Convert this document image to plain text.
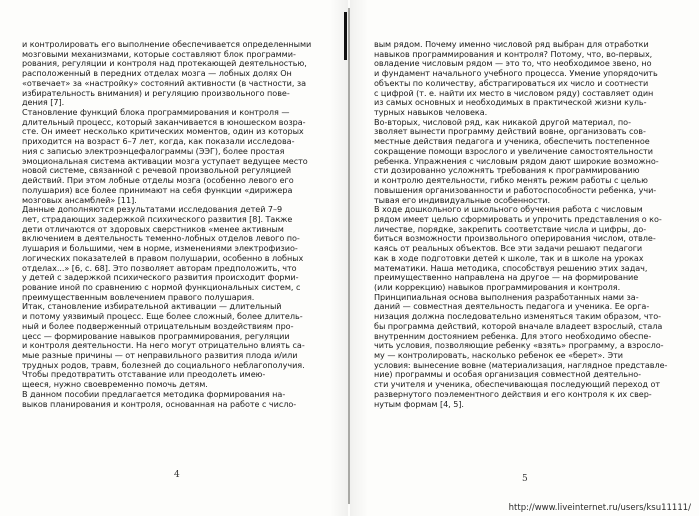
и контролировать его выполнение обеспечивается определенными
мозговыми механизмами, которые составляют блок программи-
рования, регуляции и контроля над протекающей деятельностью,
расположенный в передних отделах мозга — лобных долях Он
«отвечает» за «настройку» состояний активности (в частности, за
избирательность внимания) и регуляцию произвольного пове-
дения [7].
Становление функций блока программирования и контроля —
длительный процесс, который заканчивается в юношеском возра-
сте. Он имеет несколько критических моментов, один из которых
приходится на возраст 6–7 лет, когда, как показали исследова-
ния с записью электроэнцефалограммы (ЭЭГ), более простая
эмоциональная система активации мозга уступает ведущее место
новой системе, связанной с речевой произвольной регуляцией
действий. При этом лобные отделы мозга (особенно левого его
полушария) все более принимают на себя функции «дирижера
мозговых ансамблей» [11].
Данные дополняются результатами исследования детей 7–9
лет, страдающих задержкой психического развития [8]. Также
дети отличаются от здоровых сверстников «менее активным
включением в деятельность теменно-лобных отделов левого по-
лушария и большими, чем в норме, изменениями электрофизио-
логических показателей в правом полушарии, особенно в лобных
отделах...» [6, с. 68]. Это позволяет авторам предположить, что
у детей с задержкой психического развития происходит форми-
рование иной по сравнению с нормой функциональных систем, с
преимущественным вовлечением правого полушария.
Итак, становление избирательной активации — длительный
и потому уязвимый процесс. Еще более сложный, более длитель-
ный и более подверженный отрицательным воздействиям про-
цесс — формирование навыков программирования, регуляции
и контроля деятельности. На него могут отрицательно влиять са-
мые разные причины — от неправильного развития плода и/или
трудных родов, травм, болезней до социального неблагополучия.
Чтобы предотвратить отставание или преодолеть имею-
щееся, нужно своевременно помочь детям.
В данном пособии предлагается методика формирования на-
выков планирования и контроля, основанная на работе с число-
4
вым рядом. Почему именно числовой ряд выбран для отработки
навыков программирования и контроля? Потому, что, во-первых,
овладение числовым рядом — это то, что необходимое звено, но
и фундамент начального учебного процесса. Умение упорядочить
объекты по количеству, абстрагироваться их число и соотнести
с цифрой (т. е. найти их место в числовом ряду) составляет один
из самых основных и необходимых в практической жизни куль-
турных навыков человека.
Во-вторых, числовой ряд, как никакой другой материал, по-
зволяет вынести программу действий вовне, организовать сов-
местные действия педагога и ученика, обеспечить постепенное
сокращение помощи взрослого и увеличение самостоятельности
ребенка. Упражнения с числовым рядом дают широкие возможно-
сти дозированно усложнять требования к программированию
и контролю деятельности, гибко менять режим работы с целью
повышения организованности и работоспособности ребенка, учи-
тывая его индивидуальные особенности.
В ходе дошкольного и школьного обучения работа с числовым
рядом имеет целью сформировать и упрочить представления о ко-
личестве, порядке, закрепить соответствие числа и цифры, до-
биться возможности произвольного оперирования числом, отвле-
каясь от реальных объектов. Все эти задачи решают педагоги
как в ходе подготовки детей к школе, так и в школе на уроках
математики. Наша методика, способствуя решению этих задач,
преимущественно направлена на другое — на формирование
(или коррекцию) навыков программирования и контроля.
Принципиальная основа выполнения разработанных нами за-
даний — совместная деятельность педагога и ученика. Ее орга-
низация должна последовательно изменяться таким образом, что-
бы программа действий, которой вначале владеет взрослый, стала
внутренним достоянием ребенка. Для этого необходимо обеспе-
чить условия, позволяющие ребенку «взять» программу, а взросло-
му — контролировать, насколько ребенок ее «берет». Эти
условия: вынесение вовне (материализация, наглядное представле-
ние) программы и особая организация совместной деятельно-
сти учителя и ученика, обеспечивающая последующий переход от
развернутого поэлементного действия и его контроля к их свер-
нутым формам [4, 5].
5
http://www.liveinternet.ru/users/ksu11111/
